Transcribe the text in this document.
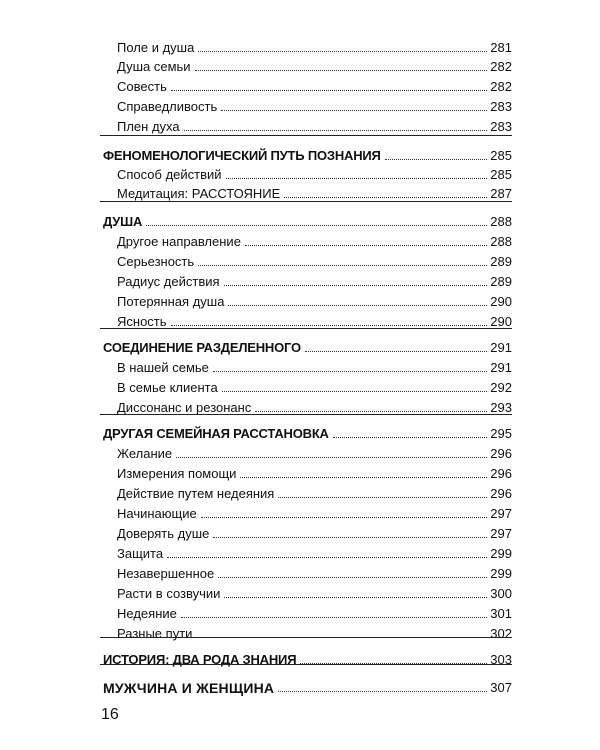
Поле и душа	281
Душа семьи	282
Совесть	282
Справедливость	283
Плен духа	283
ФЕНОМЕНОЛОГИЧЕСКИЙ ПУТЬ ПОЗНАНИЯ	285
Способ действий	285
Медитация: РАССТОЯНИЕ	287
ДУША	288
Другое направление	288
Серьезность	289
Радиус действия	289
Потерянная душа	290
Ясность	290
СОЕДИНЕНИЕ РАЗДЕЛЕННОГО	291
В нашей семье	291
В семье клиента	292
Диссонанс и резонанс	293
ДРУГАЯ СЕМЕЙНАЯ РАССТАНОВКА	295
Желание	296
Измерения помощи	296
Действие путем недеяния	296
Начинающие	297
Доверять душе	297
Защита	299
Незавершенное	299
Расти в созвучии	300
Недеяние	301
Разные пути	302
ИСТОРИЯ: ДВА РОДА ЗНАНИЯ	303
МУЖЧИНА И ЖЕНЩИНА	307
16
